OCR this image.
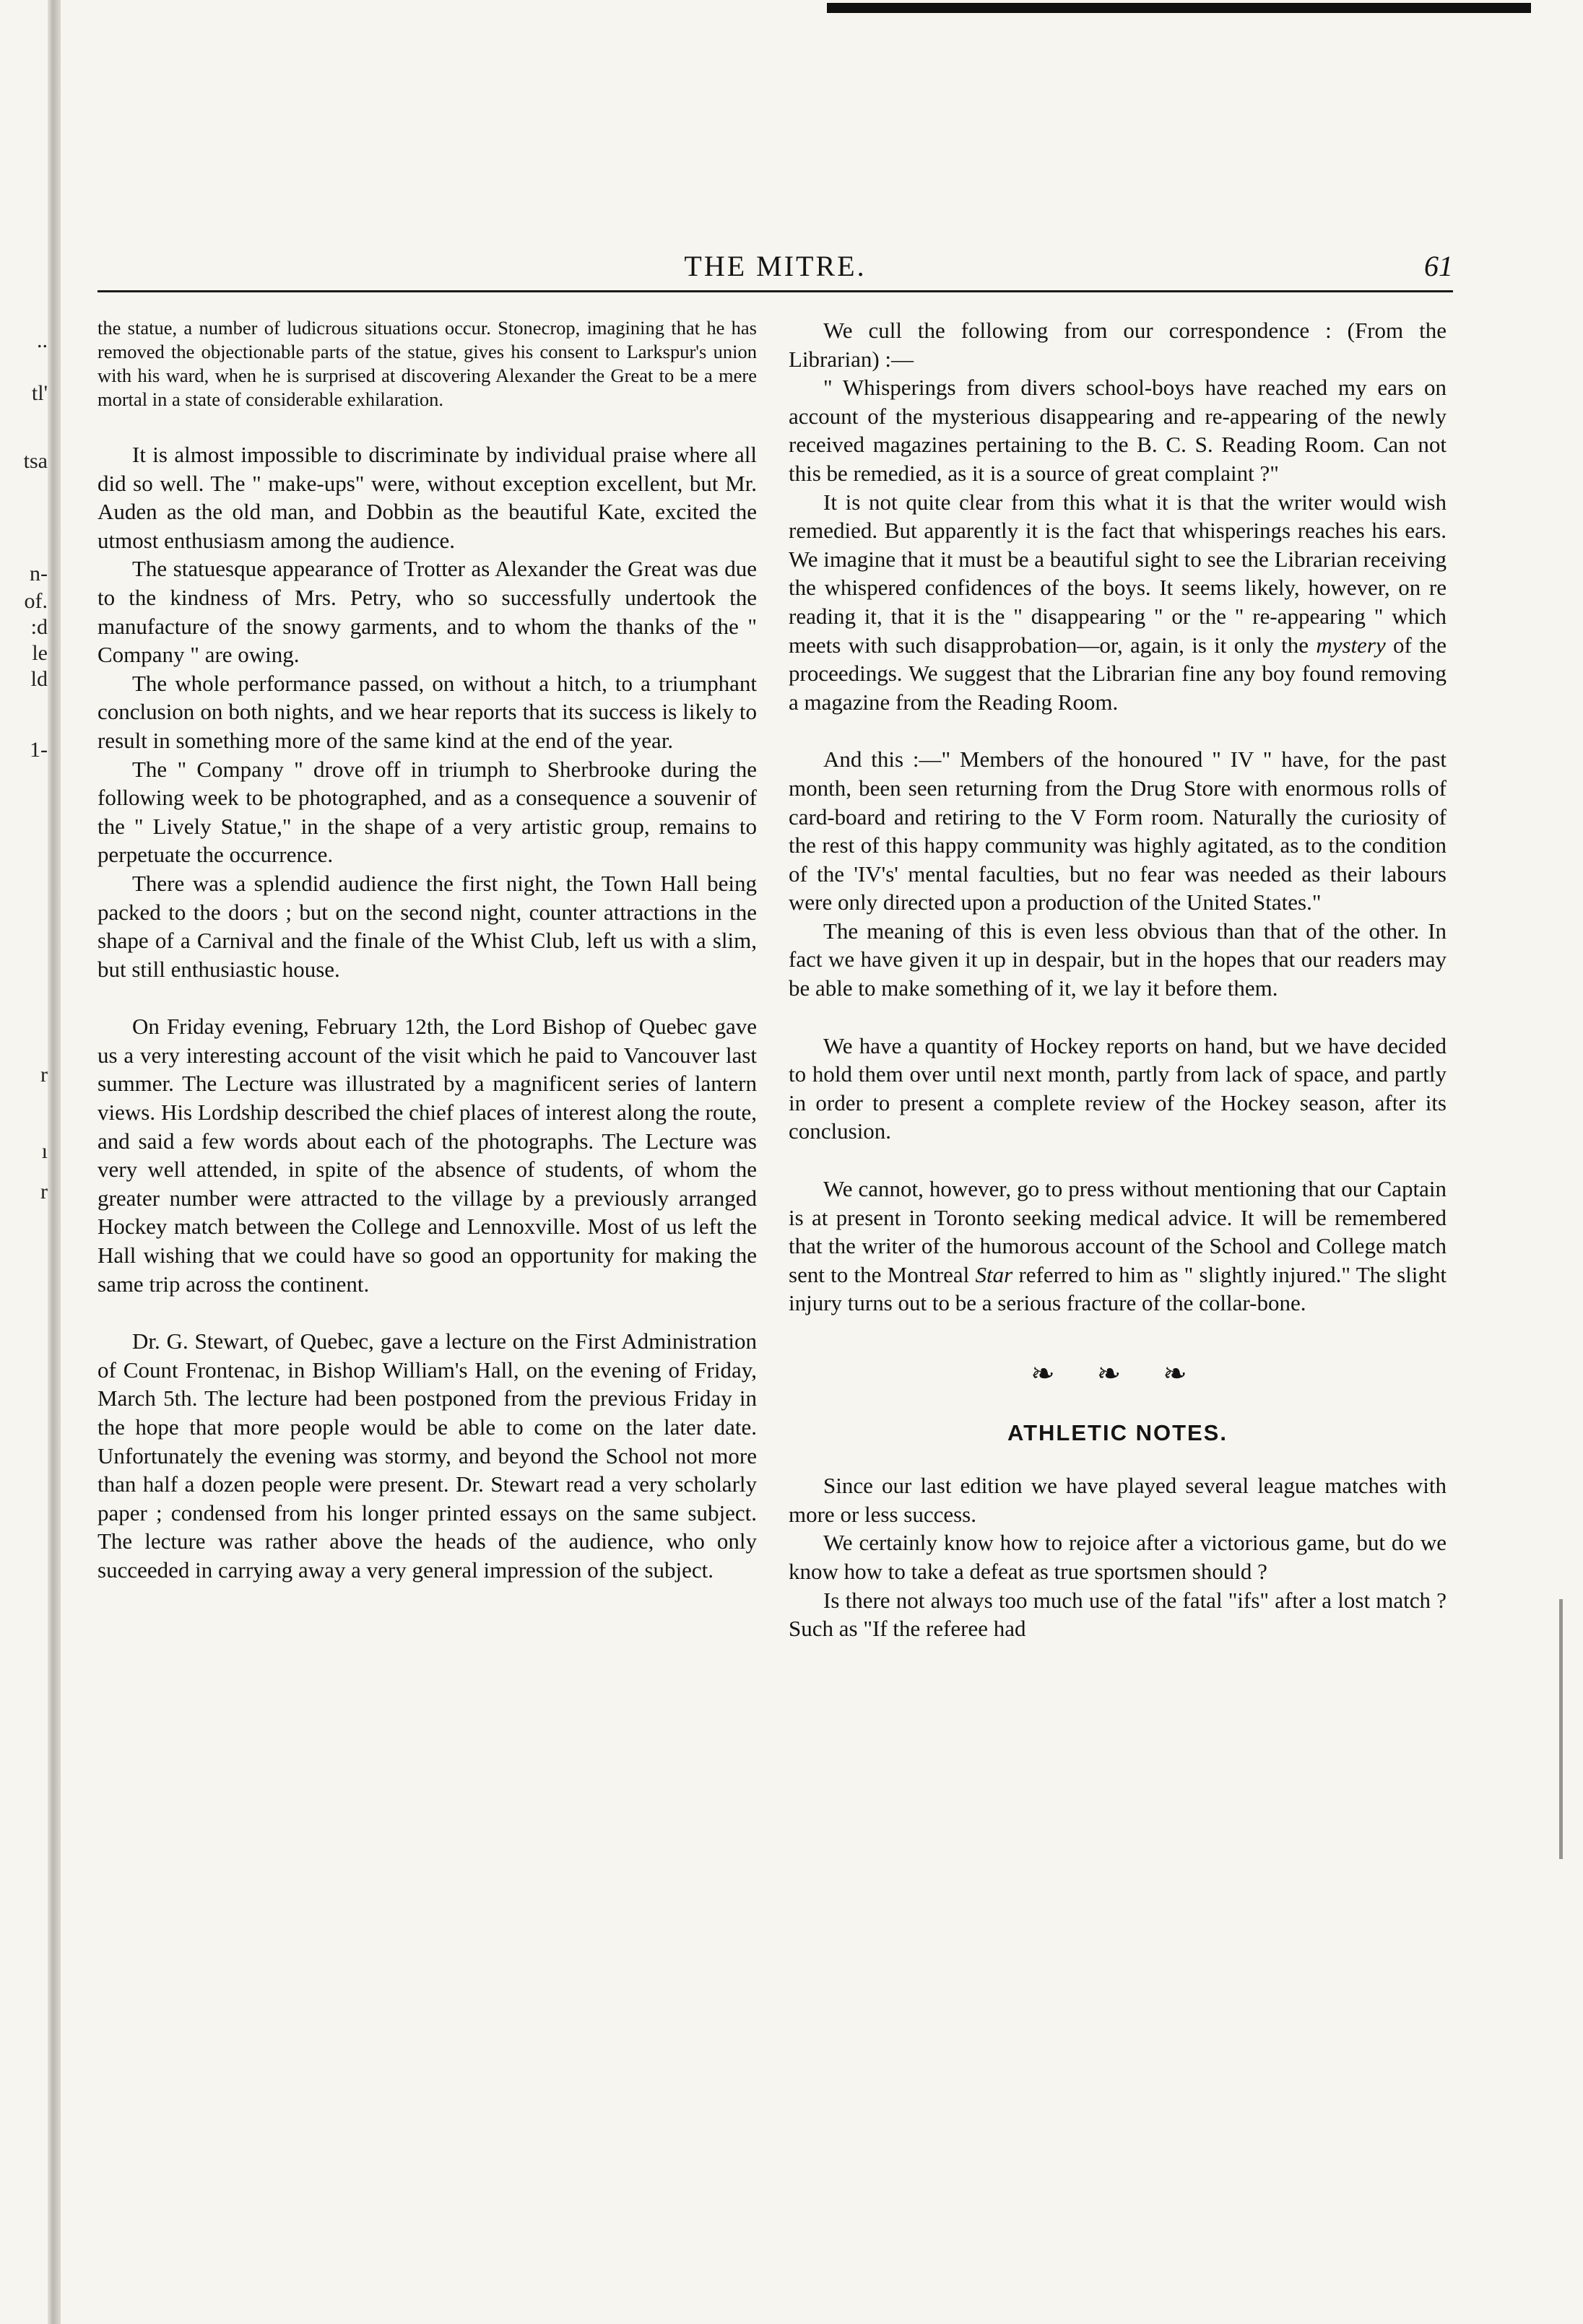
..
tl'
tsa
n-
of.
:d
le
ld
1-
r
ı
r
THE MITRE.	61

the statue, a number of ludicrous situations occur. Stonecrop, imagining that he has removed the objectionable parts of the statue, gives his consent to Larkspur's union with his ward, when he is surprised at discovering Alexander the Great to be a mere mortal in a state of considerable exhilaration.

It is almost impossible to discriminate by individual praise where all did so well. The " make-ups" were, without exception excellent, but Mr. Auden as the old man, and Dobbin as the beautiful Kate, excited the utmost enthusiasm among the audience.

The statuesque appearance of Trotter as Alexander the Great was due to the kindness of Mrs. Petry, who so successfully undertook the manufacture of the snowy garments, and to whom the thanks of the " Company " are owing.

The whole performance passed, on without a hitch, to a triumphant conclusion on both nights, and we hear reports that its success is likely to result in something more of the same kind at the end of the year.

The " Company " drove off in triumph to Sherbrooke during the following week to be photographed, and as a consequence a souvenir of the " Lively Statue," in the shape of a very artistic group, remains to perpetuate the occurrence.

There was a splendid audience the first night, the Town Hall being packed to the doors ; but on the second night, counter attractions in the shape of a Carnival and the finale of the Whist Club, left us with a slim, but still enthusiastic house.

On Friday evening, February 12th, the Lord Bishop of Quebec gave us a very interesting account of the visit which he paid to Vancouver last summer. The Lecture was illustrated by a magnificent series of lantern views. His Lordship described the chief places of interest along the route, and said a few words about each of the photographs. The Lecture was very well attended, in spite of the absence of students, of whom the greater number were attracted to the village by a previously arranged Hockey match between the College and Lennoxville. Most of us left the Hall wishing that we could have so good an opportunity for making the same trip across the continent.

Dr. G. Stewart, of Quebec, gave a lecture on the First Administration of Count Frontenac, in Bishop William's Hall, on the evening of Friday, March 5th. The lecture had been postponed from the previous Friday in the hope that more people would be able to come on the later date. Unfortunately the evening was stormy, and beyond the School not more than half a dozen people were present. Dr. Stewart read a very scholarly paper ; condensed from his longer printed essays on the same subject. The lecture was rather above the heads of the audience, who only succeeded in carrying away a very general impression of the subject.

We cull the following from our correspondence : (From the Librarian) :—

" Whisperings from divers school-boys have reached my ears on account of the mysterious disappearing and re-appearing of the newly received magazines pertaining to the B. C. S. Reading Room. Can not this be remedied, as it is a source of great complaint ?"

It is not quite clear from this what it is that the writer would wish remedied. But apparently it is the fact that whisperings reaches his ears. We imagine that it must be a beautiful sight to see the Librarian receiving the whispered confidences of the boys. It seems likely, however, on re reading it, that it is the " disappearing " or the " re-appearing " which meets with such disapprobation—or, again, is it only the mystery of the proceedings. We suggest that the Librarian fine any boy found removing a magazine from the Reading Room.

And this :—" Members of the honoured " IV " have, for the past month, been seen returning from the Drug Store with enormous rolls of card-board and retiring to the V Form room. Naturally the curiosity of the rest of this happy community was highly agitated, as to the condition of the 'IV's' mental faculties, but no fear was needed as their labours were only directed upon a production of the United States."

The meaning of this is even less obvious than that of the other. In fact we have given it up in despair, but in the hopes that our readers may be able to make something of it, we lay it before them.

We have a quantity of Hockey reports on hand, but we have decided to hold them over until next month, partly from lack of space, and partly in order to present a complete review of the Hockey season, after its conclusion.

We cannot, however, go to press without mentioning that our Captain is at present in Toronto seeking medical advice. It will be remembered that the writer of the humorous account of the School and College match sent to the Montreal Star referred to him as " slightly injured." The slight injury turns out to be a serious fracture of the collar-bone.

❧ ❧ ❧
ATHLETIC NOTES.

Since our last edition we have played several league matches with more or less success.

We certainly know how to rejoice after a victorious game, but do we know how to take a defeat as true sportsmen should ?

Is there not always too much use of the fatal "ifs" after a lost match ? Such as "If the referee had
